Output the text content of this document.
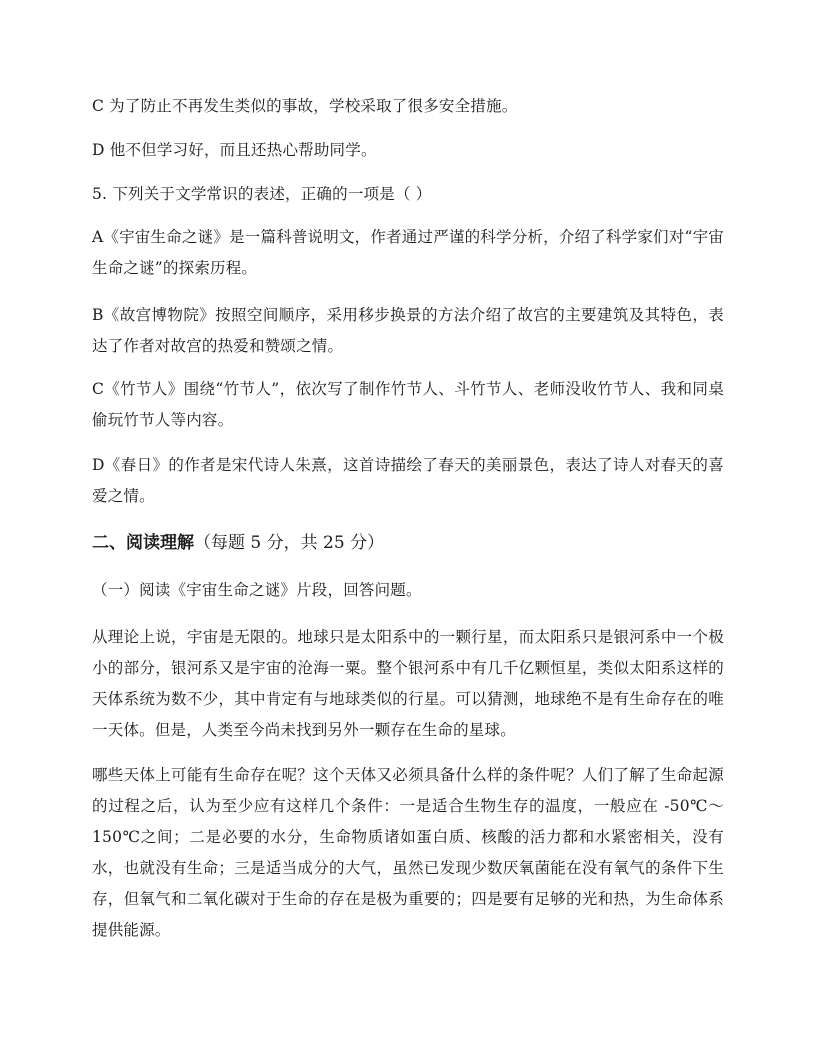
C 为了防止不再发生类似的事故，学校采取了很多安全措施。
D 他不但学习好，而且还热心帮助同学。
5. 下列关于文学常识的表述，正确的一项是（ ）
A《宇宙生命之谜》是一篇科普说明文，作者通过严谨的科学分析，介绍了科学家们对“宇宙生命之谜”的探索历程。
B《故宫博物院》按照空间顺序，采用移步换景的方法介绍了故宫的主要建筑及其特色，表达了作者对故宫的热爱和赞颂之情。
C《竹节人》围绕“竹节人”，依次写了制作竹节人、斗竹节人、老师没收竹节人、我和同桌偷玩竹节人等内容。
D《春日》的作者是宋代诗人朱熹，这首诗描绘了春天的美丽景色，表达了诗人对春天的喜爱之情。
二、阅读理解（每题 5 分，共 25 分）
（一）阅读《宇宙生命之谜》片段，回答问题。
从理论上说，宇宙是无限的。地球只是太阳系中的一颗行星，而太阳系只是银河系中一个极小的部分，银河系又是宇宙的沧海一粟。整个银河系中有几千亿颗恒星，类似太阳系这样的天体系统为数不少，其中肯定有与地球类似的行星。可以猜测，地球绝不是有生命存在的唯一天体。但是，人类至今尚未找到另外一颗存在生命的星球。
哪些天体上可能有生命存在呢？这个天体又必须具备什么样的条件呢？人们了解了生命起源的过程之后，认为至少应有这样几个条件：一是适合生物生存的温度，一般应在 -50℃～150℃之间；二是必要的水分，生命物质诸如蛋白质、核酸的活力都和水紧密相关，没有水，也就没有生命；三是适当成分的大气，虽然已发现少数厌氧菌能在没有氧气的条件下生存，但氧气和二氧化碳对于生命的存在是极为重要的；四是要有足够的光和热，为生命体系提供能源。
